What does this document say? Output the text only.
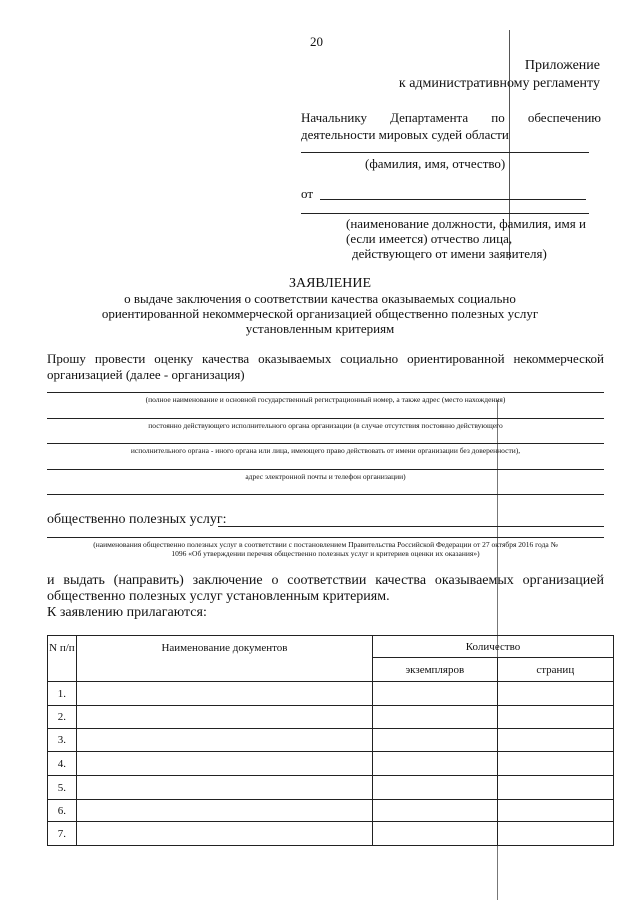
20
Приложение
к административному регламенту
Начальнику Департамента по обеспечению
деятельности мировых судей области
(фамилия, имя, отчество)
от
(наименование должности, фамилия, имя и
(если имеется) отчество лица,
действующего от имени заявителя)
ЗАЯВЛЕНИЕ
о выдаче заключения о соответствии качества оказываемых социально
ориентированной некоммерческой организацией общественно полезных услуг
установленным критериям
Прошу провести оценку качества оказываемых социально ориентированной некоммерческой
организацией (далее - организация)
(полное наименование и основной государственный регистрационный номер, а также адрес (место нахождения)
постоянно действующего исполнительного органа организации (в случае отсутствия постоянно действующего
исполнительного органа - иного органа или лица, имеющего право действовать от имени организации без доверенности),
адрес электронной почты и телефон организации)
общественно полезных услуг:
(наименования общественно полезных услуг в соответствии с постановлением Правительства Российской Федерации от 27 октября 2016 года №
1096 «Об утверждении перечня общественно полезных услуг и критериев оценки их оказания»)
и выдать (направить) заключение о соответствии качества оказываемых организацией
общественно полезных услуг установленным критериям.
К заявлению прилагаются:
N п/п	Наименование документов	Количество	
		экземпляров	страниц
1.			
2.			
3.			
4.			
5.			
6.			
7.			
